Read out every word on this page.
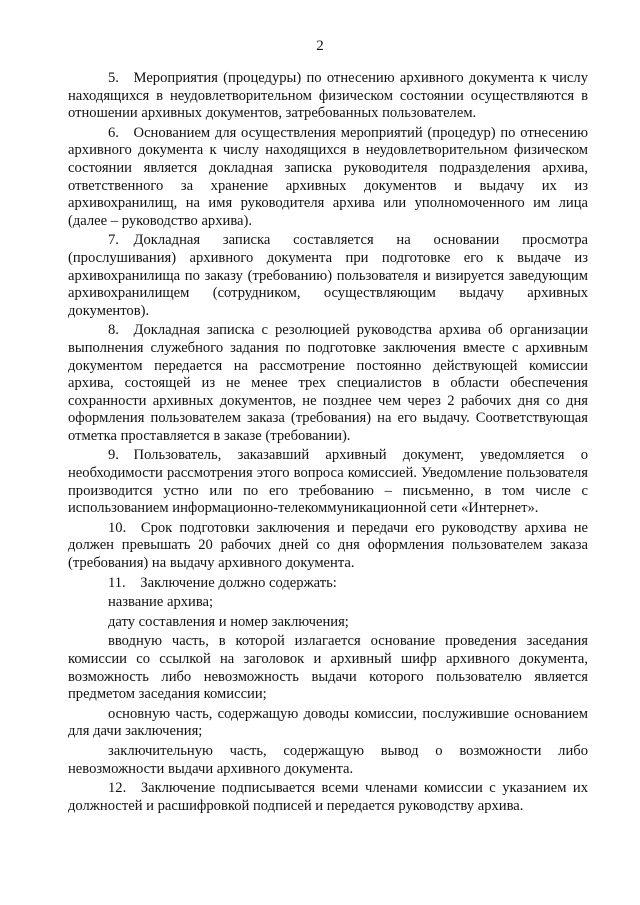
2

5. Мероприятия (процедуры) по отнесению архивного документа к числу находящихся в неудовлетворительном физическом состоянии осуществляются в отношении архивных документов, затребованных пользователем.

6. Основанием для осуществления мероприятий (процедур) по отнесению архивного документа к числу находящихся в неудовлетворительном физическом состоянии является докладная записка руководителя подразделения архива, ответственного за хранение архивных документов и выдачу их из архивохранилищ, на имя руководителя архива или уполномоченного им лица (далее – руководство архива).

7. Докладная записка составляется на основании просмотра (прослушивания) архивного документа при подготовке его к выдаче из архивохранилища по заказу (требованию) пользователя и визируется заведующим архивохранилищем (сотрудником, осуществляющим выдачу архивных документов).

8. Докладная записка с резолюцией руководства архива об организации выполнения служебного задания по подготовке заключения вместе с архивным документом передается на рассмотрение постоянно действующей комиссии архива, состоящей из не менее трех специалистов в области обеспечения сохранности архивных документов, не позднее чем через 2 рабочих дня со дня оформления пользователем заказа (требования) на его выдачу. Соответствующая отметка проставляется в заказе (требовании).

9. Пользователь, заказавший архивный документ, уведомляется о необходимости рассмотрения этого вопроса комиссией. Уведомление пользователя производится устно или по его требованию – письменно, в том числе с использованием информационно-телекоммуникационной сети «Интернет».

10. Срок подготовки заключения и передачи его руководству архива не должен превышать 20 рабочих дней со дня оформления пользователем заказа (требования) на выдачу архивного документа.

11. Заключение должно содержать:

название архива;

дату составления и номер заключения;

вводную часть, в которой излагается основание проведения заседания комиссии со ссылкой на заголовок и архивный шифр архивного документа, возможность либо невозможность выдачи которого пользователю является предметом заседания комиссии;

основную часть, содержащую доводы комиссии, послужившие основанием для дачи заключения;

заключительную часть, содержащую вывод о возможности либо невозможности выдачи архивного документа.

12. Заключение подписывается всеми членами комиссии с указанием их должностей и расшифровкой подписей и передается руководству архива.
